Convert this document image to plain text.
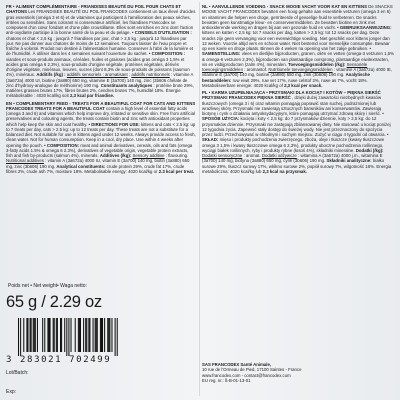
FR • ALIMENT COMPLÉMENTAIRE - FRIANDISES BEAUTÉ DU POIL POUR CHATS ET CHATONS Les FRIANDISES BEAUTÉ DU POIL FRANCODEX contiennent un taux élevé d'acides gras essentiels (oméga 3 et 6) et de vitamines qui participent à l'amélioration des peaux sèches, irritées ou sensibles. Sans colorant ni conservateur artificiel, les friandises Francodex se composent d'un cœur fondant et d'une pâte croustillante. Elles sont enrichies en zinc dont l'action anti-oxydante participe à la bonne santé de la peau et du pelage. • CONSEILS D'UTILISATION : chatons et chat < 2,5 kg : jusqu'à 7 friandises par jour, chat > 2,5 kg : jusqu'à 12 friandises par jour. Ne pas donner aux chatons de moins de 12 semaines. Toujours laisser de l'eau propre et fraîche à volonté. Produit non destiné à l'alimentation humaine. Conserver à l'abri de la lumière et de l'humidité. À utiliser dans les 4 semaines suivant l'ouverture du sachet. • COMPOSITION : viandes et sous-produits animaux, céréales, huiles et graisses (acides gras oméga 3 1,5% et acides gras oméga 6 2,3%), sous-produits d'origine végétale, protéines végétales, dérivés d'origine végétale, minéraux, levures, sucres (dont 8,3% de sous-produits de poissons (saumon 4%), minéraux. Additifs (/kg) : additifs sensoriels : aromatisant ; additifs nutritionnels : vitamine A (3a672a) 4000 UI, biotine (3a880) 650 mg, vitamine E (3a700) 140 mg, zinc (3b606 chélate de zinc d'hydroxy-analogue de méthionine) 190 mg. Constituants analytiques : protéine brute 29%, matières grasses brutes 17%, fibres brutes 2%, cendres brutes 7%, humidité 18%. Énergie métabolisable : 4020 kcal/kg soit 2,3 kcal par friandise.
EN • COMPLEMENTARY FEED - TREATS FOR A BEAUTIFUL COAT FOR CATS AND KITTENS FRANCODEX TREATS FOR A BEAUTIFUL COAT contain a high level of essential fatty acids (omega 3 and 6) and vitamins which help improve dry, irritated or sensitive skin. Free from artificial preservatives and colouring agents, the treats contain biotin and zinc with antioxidant properties which help keep the skin and coat healthy. • DIRECTIONS FOR USE: kittens and cats < 2.5 kg: up to 7 treats per day, cats > 2.5 kg: up to 12 treats per day. These treats are not a substitute for a balanced diet. Not suitable for use in kittens aged under 12 weeks. Always provide access to fresh, clean water. Not for human consumption. Keep in a cool, dry place. Use within 4 weeks after opening the pouch. • COMPOSITION: meat and animal derivatives, cereals, oils and fats (omega 3-fatty acids 1.5% & omega 6 2.3%), derivatives of vegetable origin, vegetable protein extracts, fish and fish by-products (salmon 4%), minerals. Additives (/kg): Sensory additive : flavouring. Nutritional additives : vitamin A (3a672a) 4000 IU, vitamin E (3a700) 140 mg, biotin (3a880) 650 mg, zinc (3b606) 190 mg. Analytical constituents: crude protein 29%, crude fat 17%, crude fibres 2%, crude ash 7%, moisture 18%. Metabolisable energy: 4020 kcal/kg or 2.3 kcal per treat.
Poids net • Net weight• Waga netto:
65 g / 2.29 oz
3 283021 702499
Lot/Batch:
Exp:
NL • AANVULLENDE VOEDING - SNACK MOOIE VACHT VOOR KAT EN KITTENS De SNACKS MOOIE VACHT FRANCODEX bevatten een hoog gehalte aan essentiële vetzuren (omega 3 en 6) en vitamines die helpen een droge, geïrriteerde of gevoelige huid te verbeteren. De snacks bevatten geen kunstmatige kleur- en conserveermiddelen. Ze bevatten biotine en zink met antioxiderende werking en dragen bij aan een gezonde huid en vacht. • GEBRUIKSAANWIJZING: kittens en katten < 2,5 kg: tot 7 snacks per dag, katten > 2,5 kg: tot 12 snacks per dag. Deze snacks zijn geen vervanging voor een evenwichtige voeding. Niet geschikt voor kittens jonger dan 12 weken. Voorzie altijd vers en schoon water. Niet bestemd voor menselijke consumptie. Bewaar op een koele en droge plaats. Binnen de 4 weken na opening van het zakje gebruiken. • SAMENSTELLING: vlees en dierlijke bijproducten, granen, oliën en vetten (omega-3 vetzuren 1,5% & omega-6 vetzuren 2,3%), bijproducten van plantaardige oorsprong, plantaardige eiwitextracten, vis en visbijproducten (zalm 4%), mineralen. Toevoegingsmiddelen (/kg): Sensoriële toevoegingsmiddelen : aromastof. Nutritionele toevoegingsmiddelen : vitamine A (3a672a) 4000 IE, vitamine E (3a700) 140 mg, biotine (3a880) 650 mg, zink (3b606) 190 mg. Analytische bestanddelen: ruw eiwit 29%, ruw vet 17%, ruwe celstof 2%, ruwe as 7%, vocht 18%. Metaboliseerbare energie: 4020 kcal/kg of 2,3 kcal per snack.
PL • KARMA UZUPEŁNIAJĄCA • PRZYSMAKI DLA KOCIĄT I KOTÓW – PIĘKNA SIERŚĆ PRZYSMAKI FRANCODEX PIĘKNA SIERŚĆ , dzięki dużej zawartości niezbędnych kwasów tłuszczowych (omega 3 i 6) oraz witamin pomagają poprawić stan suchej, podrażnionej lub wrażliwej skóry. Przysmaki nie zawierają sztucznych barwników ani konserwantów. Zawierają biotynę i cynk o działaniu antyoksydacyjnym, które pomagają utrzymać zdrową skórę i sierść. • SPOSÓB UŻYCIA: kocięta i koty < 2,5 kg: do 7 przysmaków dziennie, koty > 2,5 kg: do 12 przysmaków dziennie. Przysmaki nie zastępują zbilansowanej diety. Nie stosować u kociąt poniżej 12 tygodnia życia. Zapewnić stały dostęp do świeżej wody. Nie jest przeznaczony do spożycia przez ludzi. Przechowywać w chłodnym i suchym miejscu. Zużyć w ciągu 4 tygodni od otwarcia. • SKŁAD: mięso i produkty pochodzenia zwierzęcego, zboża, oleje i tłuszcze (kwasy tłuszczowe omega 3 1,5% i kwasy tłuszczowe omega 6 2,3%), produkty uboczne pochodzenia roślinnego, wyciągi białek roślinnych, ryby i produkty rybne (łosoś 4%), składniki mineralne. Dodatki (/kg): Dodatki sensoryczne : aromat. Dodatki odżywcze : witamina A (3a672a) 4000 j.m., witamina E (3a700) 140 mg, biotyna (3a880) 650 mg, cynk (3b606) 190 mg. Składniki analityczne: białko surowe 29%, tłuszcz surowy 17%, włókno surowe 2%, popiół surowy 7%, wilgotność 18%. Energia metaboliczna: 4020 kcal/kg lub 2,3 kcal na przysmak.
SAS FRANCODEX Santé Animale,
10 rue de l'Ormeau de Pied, 17100 Saintes - France
www.francodex.com - contact@francodex.com
EU reg. nr.: ß-B-01-13-01
